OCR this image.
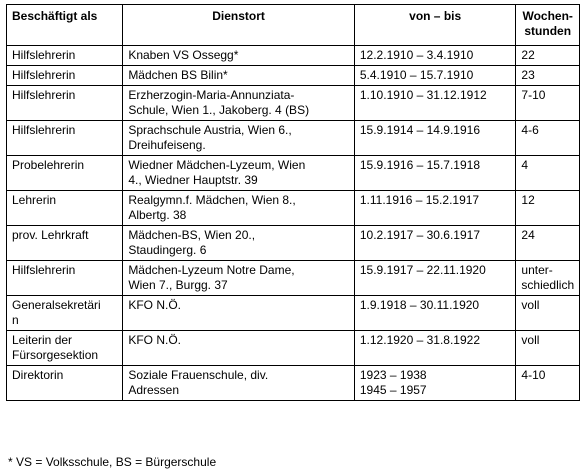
Beschäftigt als	Dienstort	von – bis	Wochen-
stunden

Hilfslehrerin	Knaben VS Ossegg*	12.2.1910 – 3.4.1910	22

Hilfslehrerin	Mädchen BS Bilin*	5.4.1910 – 15.7.1910	23

Hilfslehrerin	Erzherzogin-Maria-Annunziata-
Schule, Wien 1., Jakoberg. 4 (BS)	1.10.1910 – 31.12.1912	7-10

Hilfslehrerin	Sprachschule Austria, Wien 6.,
Dreihufeiseng.	15.9.1914 – 14.9.1916	4-6

Probelehrerin	Wiedner Mädchen-Lyzeum, Wien
4., Wiedner Hauptstr. 39	15.9.1916 – 15.7.1918	4

Lehrerin	Realgymn.f. Mädchen, Wien 8.,
Albertg. 38	1.11.1916 – 15.2.1917	12

prov. Lehrkraft	Mädchen-BS, Wien 20.,
Staudingerg. 6	10.2.1917 – 30.6.1917	24

Hilfslehrerin	Mädchen-Lyzeum Notre Dame,
Wien 7., Burgg. 37	15.9.1917 – 22.11.1920	unter-
schiedlich

Generalsekretäri
n	KFO N.Ö.	1.9.1918 – 30.11.1920	voll

Leiterin der
Fürsorgesektion	KFO N.Ö.	1.12.1920 – 31.8.1922	voll

Direktorin	Soziale Frauenschule, div.
Adressen	1923 – 1938
1945 – 1957	4-10
* VS = Volksschule, BS = Bürgerschule
